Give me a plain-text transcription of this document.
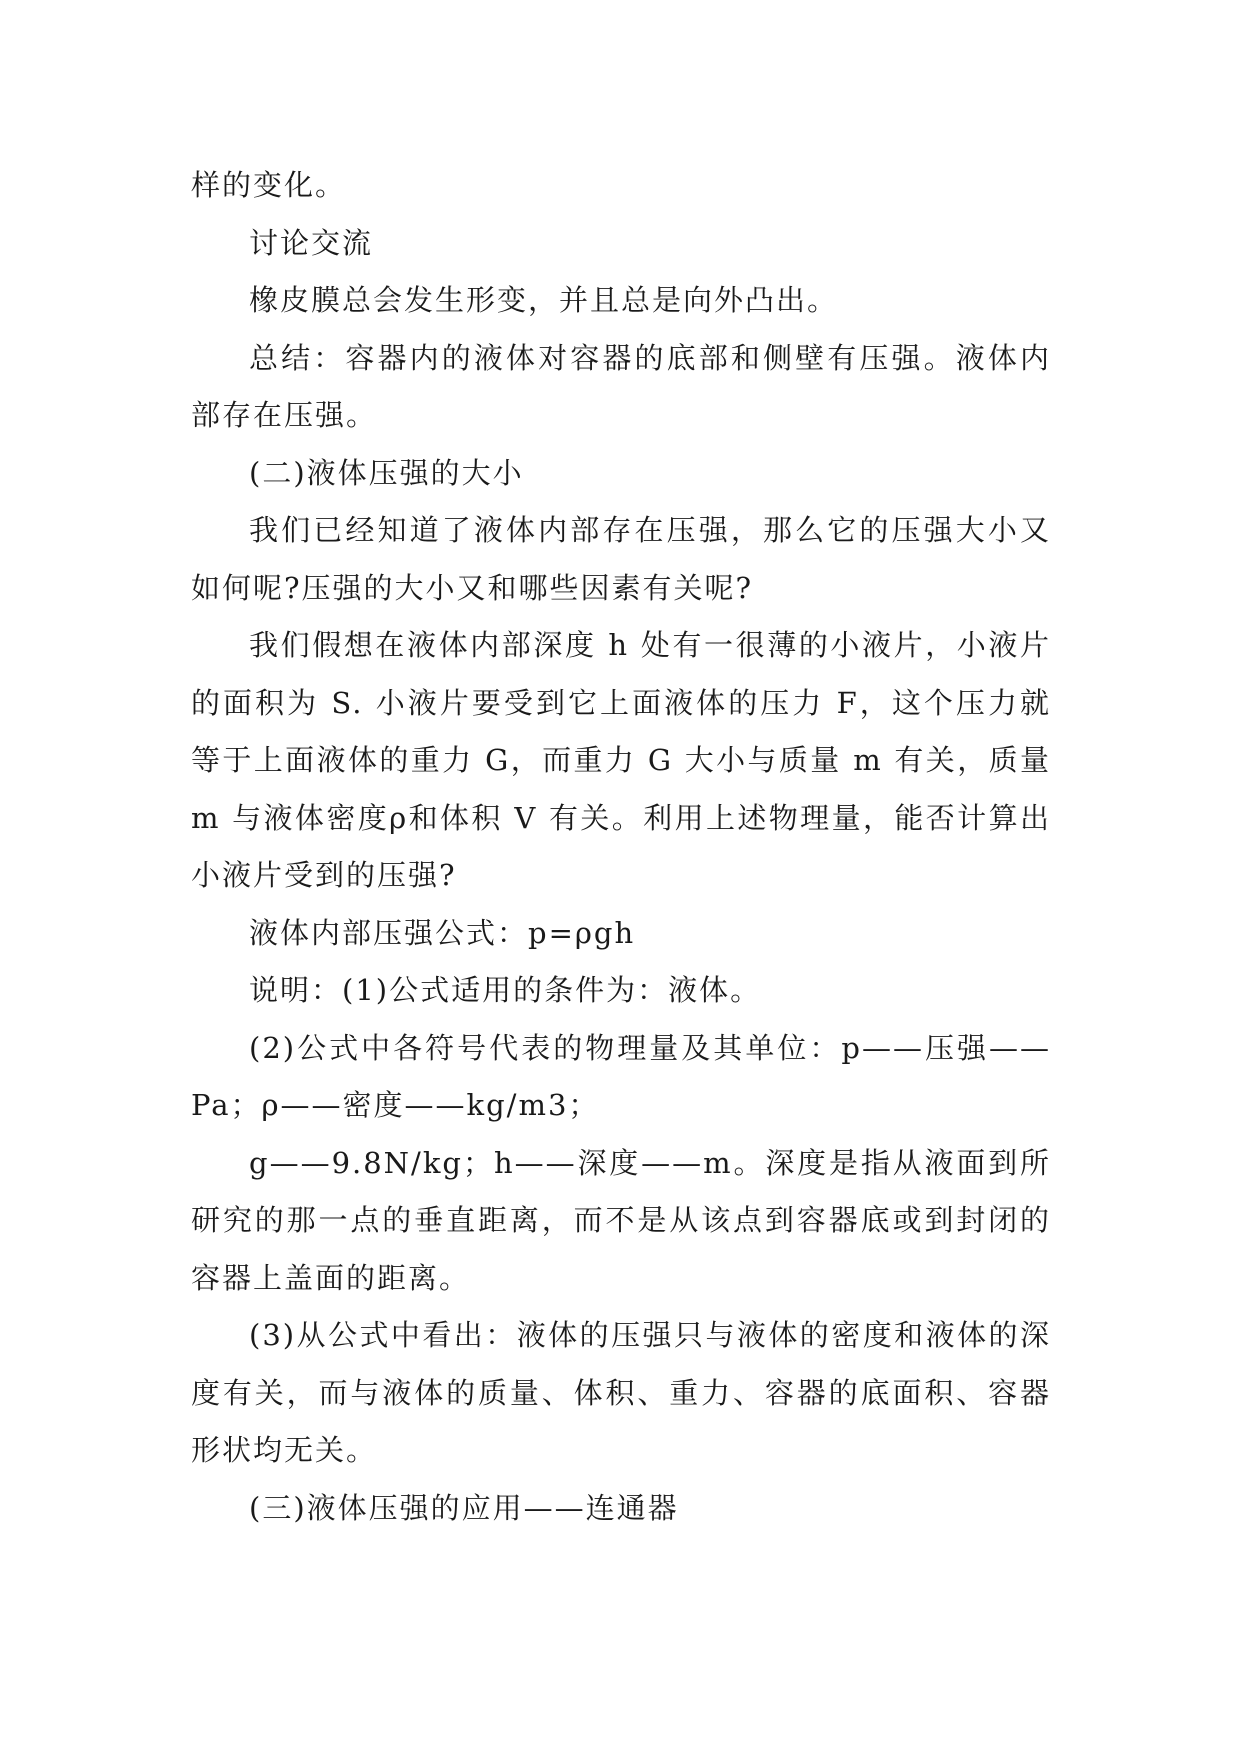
样的变化。

讨论交流

橡皮膜总会发生形变，并且总是向外凸出。

总结：容器内的液体对容器的底部和侧壁有压强。液体内部存在压强。

(二)液体压强的大小

我们已经知道了液体内部存在压强，那么它的压强大小又如何呢?压强的大小又和哪些因素有关呢?

我们假想在液体内部深度 h 处有一很薄的小液片，小液片的面积为 S. 小液片要受到它上面液体的压力 F，这个压力就等于上面液体的重力 G，而重力 G 大小与质量 m 有关，质量 m 与液体密度ρ和体积 V 有关。利用上述物理量，能否计算出小液片受到的压强?

液体内部压强公式：p=ρgh

说明：(1)公式适用的条件为：液体。

(2)公式中各符号代表的物理量及其单位：p——压强——Pa；ρ——密度——kg/m3；

g——9.8N/kg；h——深度——m。深度是指从液面到所研究的那一点的垂直距离，而不是从该点到容器底或到封闭的容器上盖面的距离。

(3)从公式中看出：液体的压强只与液体的密度和液体的深度有关，而与液体的质量、体积、重力、容器的底面积、容器形状均无关。

(三)液体压强的应用——连通器
